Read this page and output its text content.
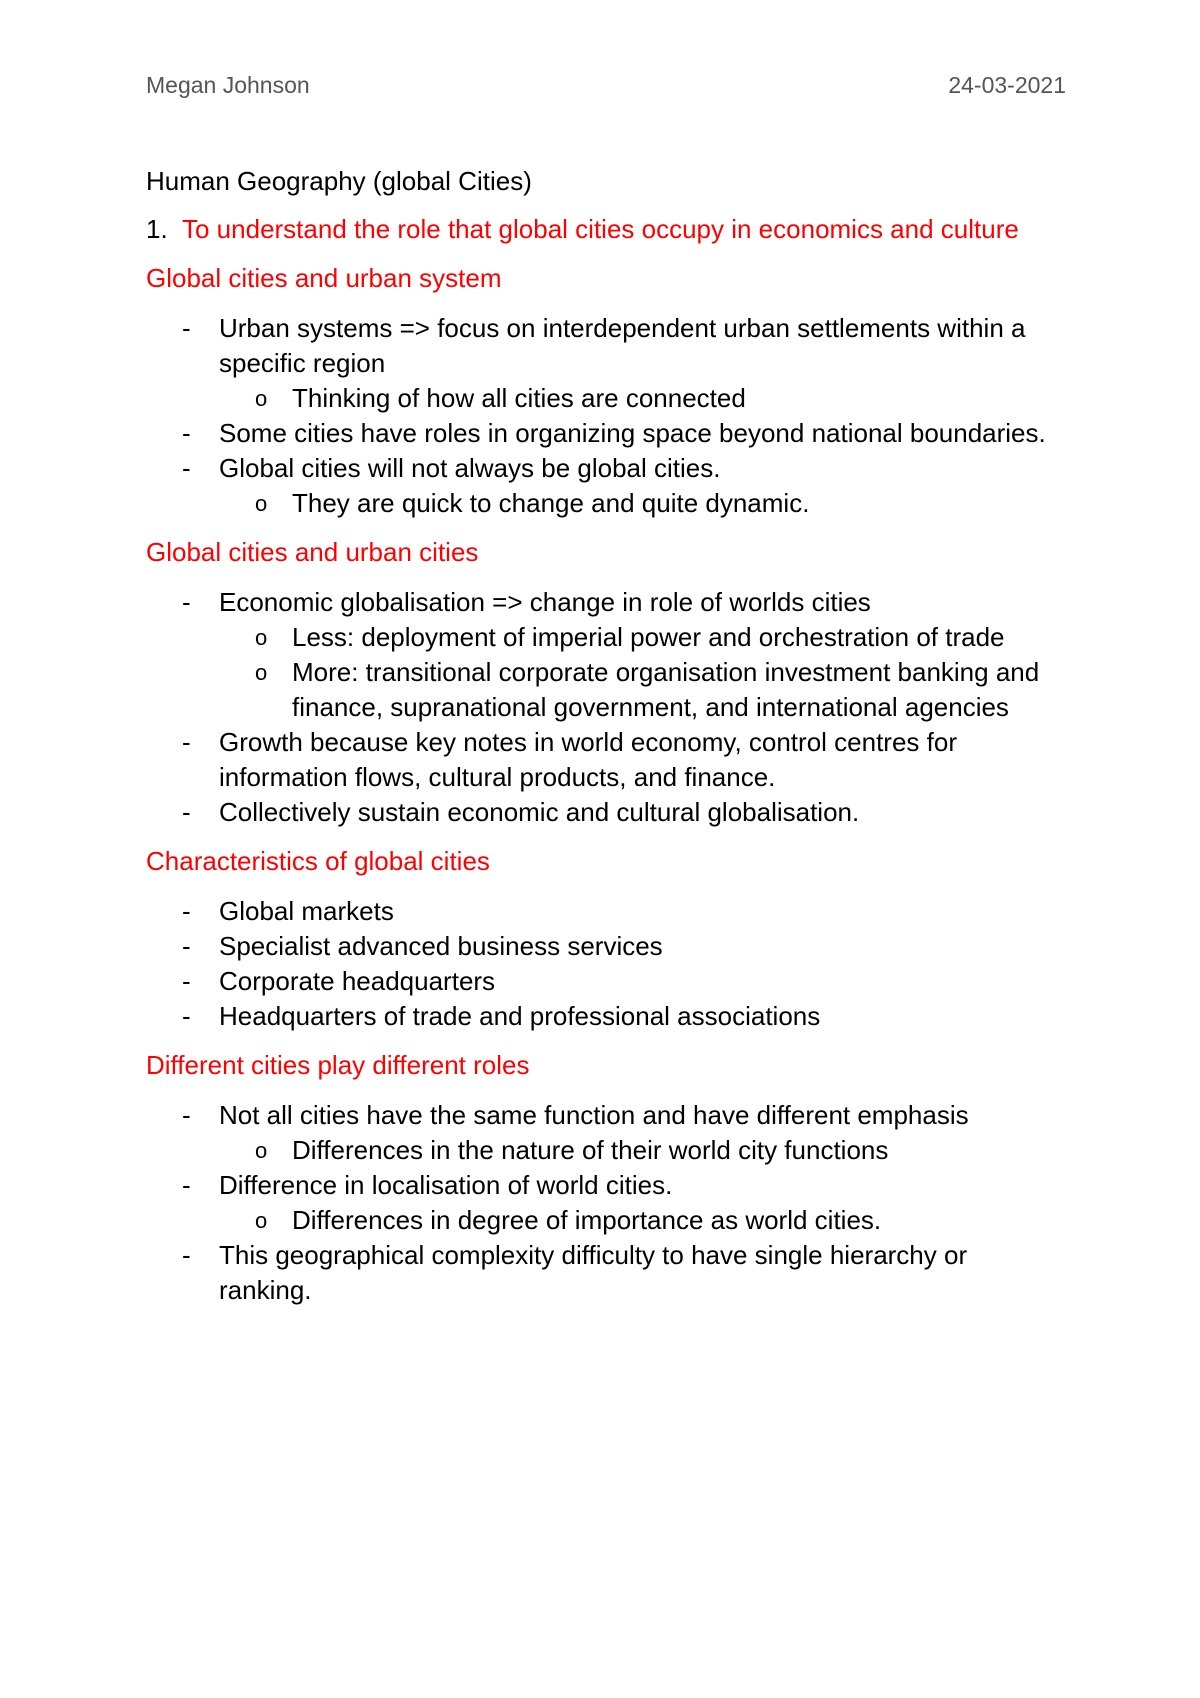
Megan Johnson	24-03-2021
Human Geography (global Cities)
1. To understand the role that global cities occupy in economics and culture
Global cities and urban system
-	Urban systems => focus on interdependent urban settlements within a specific region
o Thinking of how all cities are connected
-	Some cities have roles in organizing space beyond national boundaries.
-	Global cities will not always be global cities.
o They are quick to change and quite dynamic.
Global cities and urban cities
-	Economic globalisation => change in role of worlds cities
o Less: deployment of imperial power and orchestration of trade
o More: transitional corporate organisation investment banking and finance, supranational government, and international agencies
-	Growth because key notes in world economy, control centres for information flows, cultural products, and finance.
-	Collectively sustain economic and cultural globalisation.
Characteristics of global cities
-	Global markets
-	Specialist advanced business services
-	Corporate headquarters
-	Headquarters of trade and professional associations
Different cities play different roles
-	Not all cities have the same function and have different emphasis
o Differences in the nature of their world city functions
-	Difference in localisation of world cities.
o Differences in degree of importance as world cities.
-	This geographical complexity difficulty to have single hierarchy or ranking.
